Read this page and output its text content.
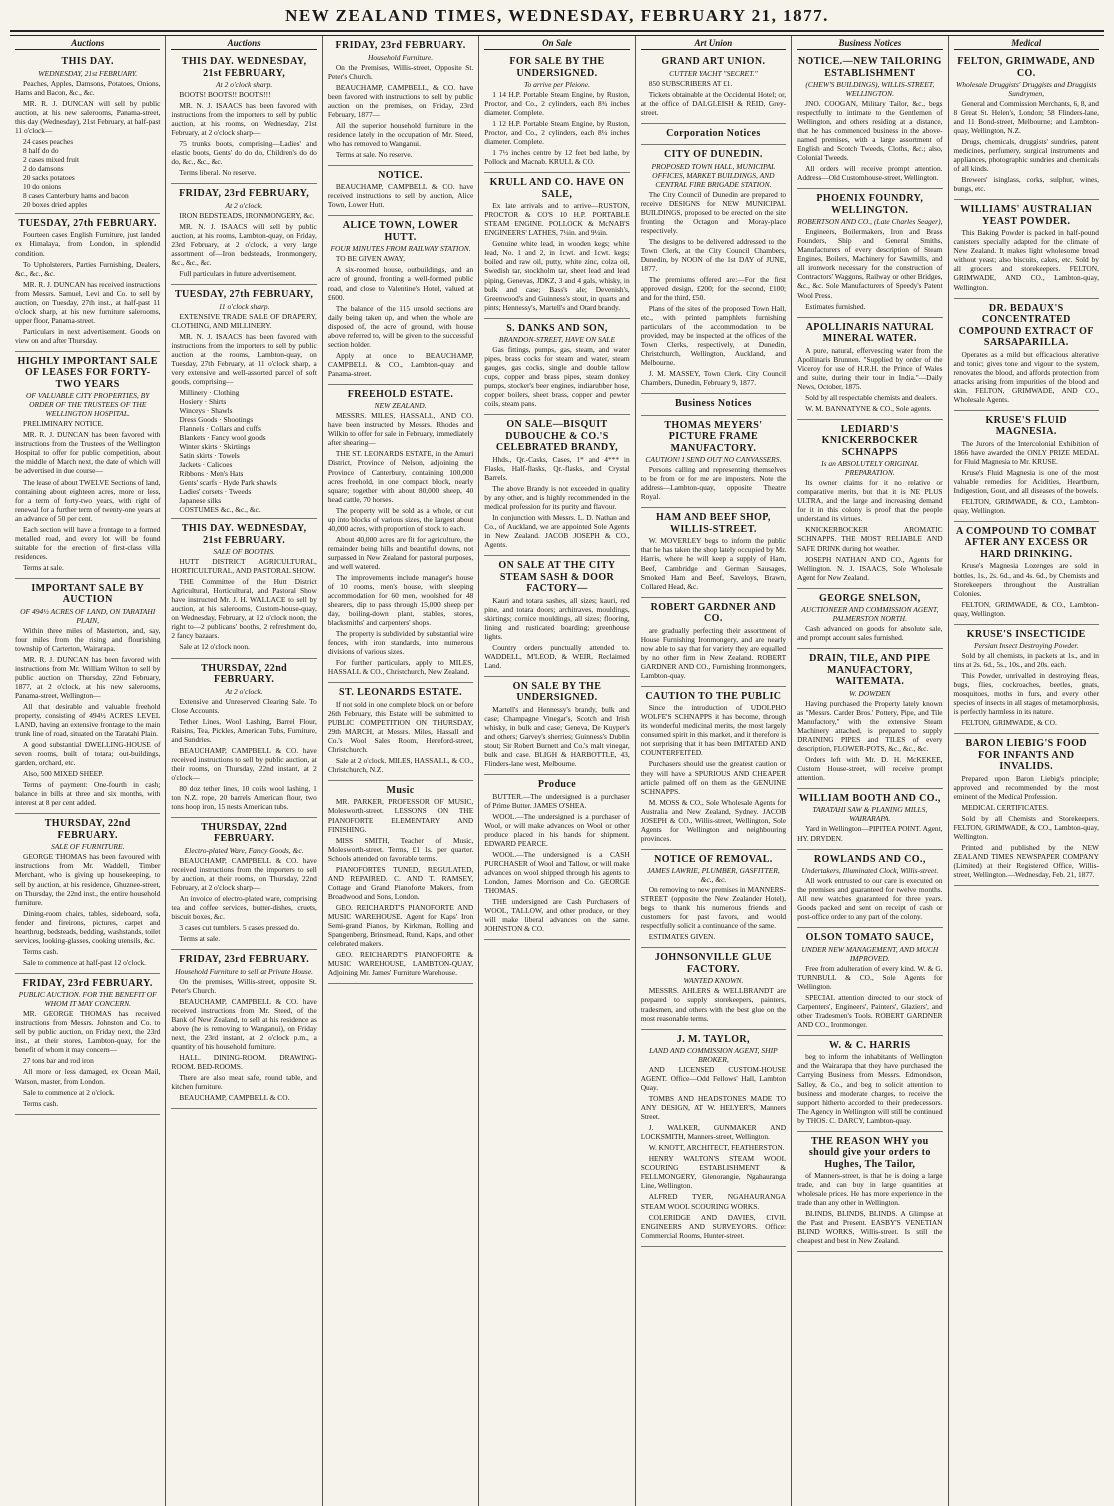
NEW ZEALAND TIMES, WEDNESDAY, FEBRUARY 21, 1877.
Auctions
THIS DAY.
WEDNESDAY, 21st FEBRUARY.

Peaches, Apples, Damsons, Potatoes, Onions, Hams and Bacon, &c., &c.

MR. R. J. DUNCAN will sell by public auction, at his new salerooms, Panama-street, this day (Wednesday), 21st February, at half-past 11 o'clock—

24 cases peaches
8 half do do
2 cases mixed fruit
2 do damsons
20 sacks potatoes
10 do onions
8 cases Canterbury hams and bacon
20 boxes dried apples
TUESDAY, 27th FEBRUARY.

Fourteen cases English Furniture, just landed ex Himalaya, from London, in splendid condition.

To Upholsterers, Parties Furnishing, Dealers, &c., &c., &c.

MR. R. J. DUNCAN has received instructions from Messrs. Samuel, Levi and Co. to sell by auction, on Tuesday, 27th inst., at half-past 11 o'clock sharp, at his new furniture salerooms, upper floor, Panama-street.

Particulars in next advertisement. Goods on view on and after Thursday.

HIGHLY IMPORTANT SALE OF LEASES FOR FORTY-TWO YEARS
OF VALUABLE CITY PROPERTIES, BY ORDER OF THE TRUSTEES OF THE WELLINGTON HOSPITAL.

PRELIMINARY NOTICE.

MR. R. J. DUNCAN has been favored with instructions from the Trustees of the Wellington Hospital to offer for public competition, about the middle of March next, the date of which will be advertised in due course—

The lease of about TWELVE Sections of land, containing about eighteen acres, more or less, for a term of forty-two years, with right of renewal for a further term of twenty-one years at an advance of 50 per cent.

Each section will have a frontage to a formed metalled road, and every lot will be found suitable for the erection of first-class villa residences.

Terms at sale.

IMPORTANT SALE BY AUCTION
OF 494½ ACRES OF LAND, ON TARATAHI PLAIN,

Within three miles of Masterton, and, say, four miles from the rising and flourishing township of Carterton, Wairarapa.

MR. R. J. DUNCAN has been favored with instructions from Mr. William Wilton to sell by public auction on Thursday, 22nd February, 1877, at 2 o'clock, at his new salerooms, Panama-street, Wellington—

All that desirable and valuable freehold property, consisting of 494½ ACRES LEVEL LAND, having an extensive frontage to the main trunk line of road, situated on the Taratahi Plain.

A good substantial DWELLING-HOUSE of seven rooms, built of totara; out-buildings, garden, orchard, etc.

Also, 500 MIXED SHEEP.

Terms of payment: One-fourth in cash; balance in bills at three and six months, with interest at 8 per cent added.

THURSDAY, 22nd FEBRUARY.
SALE OF FURNITURE.

GEORGE THOMAS has been favoured with instructions from Mr. Waddell, Timber Merchant, who is giving up housekeeping, to sell by auction, at his residence, Ghuznee-street, on Thursday, the 22nd inst., the entire household furniture.

Dining-room chairs, tables, sideboard, sofa, fender and fireirons, pictures, carpet and hearthrug, bedsteads, bedding, washstands, toilet services, looking-glasses, cooking utensils, &c.

Terms cash.

Sale to commence at half-past 12 o'clock.

FRIDAY, 23rd FEBRUARY.
PUBLIC AUCTION. FOR THE BENEFIT OF WHOM IT MAY CONCERN.

MR. GEORGE THOMAS has received instructions from Messrs. Johnston and Co. to sell by public auction, on Friday next, the 23rd inst., at their stores, Lambton-quay, for the benefit of whom it may concern—

27 tons bar and rod iron

All more or less damaged, ex Ocean Mail, Watson, master, from London.

Sale to commence at 2 o'clock.

Terms cash.

Auctions
THIS DAY. WEDNESDAY, 21st FEBRUARY,
At 2 o'clock sharp.

BOOTS! BOOTS!! BOOTS!!!

MR. N. J. ISAACS has been favored with instructions from the importers to sell by public auction, at his rooms, on Wednesday, 21st February, at 2 o'clock sharp—

75 trunks boots, comprising—Ladies' and elastic boots, Gents' do do do, Children's do do do, &c., &c., &c.

Terms liberal. No reserve.

FRIDAY, 23rd FEBRUARY,
At 2 o'clock.

IRON BEDSTEADS, IRONMONGERY, &c.

MR. N. J. ISAACS will sell by public auction, at his rooms, Lambton-quay, on Friday, 23rd February, at 2 o'clock, a very large assortment of—Iron bedsteads, Ironmongery, &c., &c., &c.

Full particulars in future advertisement.

TUESDAY, 27th FEBRUARY,
11 o'clock sharp.

EXTENSIVE TRADE SALE OF DRAPERY, CLOTHING, AND MILLINERY.

MR. N. J. ISAACS has been favored with instructions from the importers to sell by public auction at the rooms, Lambton-quay, on Tuesday, 27th February, at 11 o'clock sharp, a very extensive and well-assorted parcel of soft goods, comprising—

Millinery · Clothing
Hosiery · Shirts
Winceys · Shawls
Dress Goods · Shootings
Flannels · Collars and cuffs
Blankets · Fancy wool goods
Winter skirts · Skirtings
Satin skirts · Towels
Jackets · Calicoes
Ribbons · Men's Hats
Gents' scarfs · Hyde Park shawls
Ladies' corsets · Tweeds
Japanese silks
COSTUMES &c., &c., &c.
THIS DAY. WEDNESDAY, 21st FEBRUARY.
SALE OF BOOTHS.

HUTT DISTRICT AGRICULTURAL, HORTICULTURAL, AND PASTORAL SHOW.

THE Committee of the Hutt District Agricultural, Horticultural, and Pastoral Show have instructed Mr. J. H. WALLACE to sell by auction, at his salerooms, Custom-house-quay, on Wednesday, February, at 12 o'clock noon, the right to—2 publicans' booths, 2 refreshment do, 2 fancy bazaars.

Sale at 12 o'clock noon.

THURSDAY, 22nd FEBRUARY.
At 2 o'clock.

Extensive and Unreserved Clearing Sale. To Close Accounts.

Tether Lines, Wool Lashing, Barrel Flour, Raisins, Tea, Pickles, American Tubs, Furniture, and Sundries.

BEAUCHAMP, CAMPBELL & CO. have received instructions to sell by public auction, at their rooms, on Thursday, 22nd instant, at 2 o'clock—

80 doz tether lines, 10 coils wool lashing, 1 ton N.Z. rope, 20 barrels American flour, two tons hoop iron, 15 nests American tubs.

THURSDAY, 22nd FEBRUARY.
Electro-plated Ware, Fancy Goods, &c.

BEAUCHAMP, CAMPBELL & CO. have received instructions from the importers to sell by auction, at their rooms, on Thursday, 22nd February, at 2 o'clock sharp—

An invoice of electro-plated ware, comprising tea and coffee services, butter-dishes, cruets, biscuit boxes, &c.

3 cases cut tumblers. 5 cases pressed do.

Terms at sale.

FRIDAY, 23rd FEBRUARY.
Household Furniture to sell at Private House.

On the premises, Willis-street, opposite St. Peter's Church.

BEAUCHAMP, CAMPBELL & CO. have received instructions from Mr. Steed, of the Bank of New Zealand, to sell at his residence as above (he is removing to Wanganui), on Friday next, the 23rd instant, at 2 o'clock p.m., a quantity of his household furniture.

HALL. DINING-ROOM. DRAWING-ROOM. BED-ROOMS.

There are also meat safe, round table, and kitchen furniture.

BEAUCHAMP, CAMPBELL & CO.

FRIDAY, 23rd FEBRUARY.
Household Furniture.

On the Premises, Willis-street, Opposite St. Peter's Church.

BEAUCHAMP, CAMPBELL, & CO. have been favored with instructions to sell by public auction on the premises, on Friday, 23rd February, 1877—

All the superior household furniture in the residence lately in the occupation of Mr. Steed, who has removed to Wanganui.

Terms at sale. No reserve.

NOTICE.

BEAUCHAMP, CAMPBELL & CO. have received instructions to sell by auction, Alice Town, Lower Hutt.

ALICE TOWN, LOWER HUTT.
FOUR MINUTES FROM RAILWAY STATION.

TO BE GIVEN AWAY,

A six-roomed house, outbuildings, and an acre of ground, fronting a well-formed public road, and close to Valentine's Hotel, valued at £600.

The balance of the 115 unsold sections are daily being taken up, and when the whole are disposed of, the acre of ground, with house above referred to, will be given to the successful section holder.

Apply at once to BEAUCHAMP, CAMPBELL & CO., Lambton-quay and Panama-street.

FREEHOLD ESTATE.
NEW ZEALAND.

MESSRS. MILES, HASSALL, AND CO. have been instructed by Messrs. Rhodes and Wilkin to offer for sale in February, immediately after shearing—

THE ST. LEONARDS ESTATE, in the Amuri District, Province of Nelson, adjoining the Province of Canterbury, containing 100,000 acres freehold, in one compact block, nearly square; together with about 80,000 sheep, 40 head cattle, 70 horses.

The property will be sold as a whole, or cut up into blocks of various sizes, the largest about 40,000 acres, with proportion of stock to each.

About 40,000 acres are fit for agriculture, the remainder being hills and beautiful downs, not surpassed in New Zealand for pastoral purposes, and well watered.

The improvements include manager's house of 10 rooms, men's house, with sleeping accommodation for 60 men, woolshed for 48 shearers, dip to pass through 15,000 sheep per day, boiling-down plant, stables, stores, blacksmiths' and carpenters' shops.

The property is subdivided by substantial wire fences, with iron standards, into numerous divisions of various sizes.

For further particulars, apply to MILES, HASSALL & CO., Christchurch, New Zealand.

ST. LEONARDS ESTATE.

If not sold in one complete block on or before 26th February, this Estate will be submitted to PUBLIC COMPETITION ON THURSDAY, 29th MARCH, at Messrs. Miles, Hassall and Co.'s Wool Sales Room, Hereford-street, Christchurch.

Sale at 2 o'clock. MILES, HASSALL, & CO., Christchurch, N.Z.

Music

MR. PARKER, PROFESSOR OF MUSIC, Molesworth-street. LESSONS ON THE PIANOFORTE ELEMENTARY AND FINISHING.

MISS SMITH, Teacher of Music, Molesworth-street. Terms, £1 1s. per quarter. Schools attended on favorable terms.

PIANOFORTES TUNED, REGULATED, AND REPAIRED. C. AND T. RAMSEY, Cottage and Grand Pianoforte Makers, from Broadwood and Sons, London.

GEO. REICHARDT'S PIANOFORTE AND MUSIC WAREHOUSE. Agent for Kaps' Iron Semi-grand Pianos, by Kirkman, Rolling and Spangenberg, Brinsmead, Rund, Kaps, and other celebrated makers.

GEO. REICHARDT'S PIANOFORTE & MUSIC WAREHOUSE, LAMBTON-QUAY, Adjoining Mr. James' Furniture Warehouse.

On Sale
FOR SALE BY THE UNDERSIGNED.
To arrive per Pleione.

1 14 H.P. Portable Steam Engine, by Ruston, Proctor, and Co., 2 cylinders, each 8¾ inches diameter. Complete.

1 12 H.P. Portable Steam Engine, by Ruston, Proctor, and Co., 2 cylinders, each 8¼ inches diameter. Complete.

1 7½ inches centre by 12 feet bed lathe, by Pollock and Macnab. KRULL & CO.

KRULL AND CO. HAVE ON SALE,

Ex late arrivals and to arrive—RUSTON, PROCTOR & CO'S 10 H.P. PORTABLE STEAM ENGINE. POLLOCK & McNAB'S ENGINEERS' LATHES, 7¼in. and 9¼in.

Genuine white lead, in wooden kegs; white lead, No. 1 and 2, in 1cwt. and 1cwt. kegs; boiled and raw oil, putty, white zinc, colza oil, Swedish tar, stockholm tar, sheet lead and lead piping, Genevas, JDKZ, 3 and 4 gals, whisky, in bulk and case; Bass's ale; Devenish's, Greenwood's and Guinness's stout, in quarts and pints; Hennessy's, Martell's and Otard brandy.

S. DANKS AND SON,
BRANDON-STREET, HAVE ON SALE

Gas fittings, pumps, gas, steam, and water pipes, brass cocks for steam and water, steam gauges, gas cocks, single and double tallow cups, copper and brass pipes, steam donkey pumps, stocker's beer engines, indiarubber hose, copper boilers, sheet brass, copper and pewter coils, steam pans.

ON SALE—BISQUIT DUBOUCHE & CO.'S CELEBRATED BRANDY,

Hhds., Qr.-Casks, Cases, 1* and 4*** in Flasks, Half-flasks, Qr.-flasks, and Crystal Barrels.

The above Brandy is not exceeded in quality by any other, and is highly recommended in the medical profession for its purity and flavour.

In conjunction with Messrs. L. D. Nathan and Co., of Auckland, we are appointed Sole Agents in New Zealand. JACOB JOSEPH & CO., Agents.

ON SALE AT THE CITY STEAM SASH & DOOR FACTORY—

Kauri and totara sashes, all sizes; kauri, red pine, and totara doors; architraves, mouldings, skirtings; cornice mouldings, all sizes; flooring, lining and rusticated boarding; greenhouse lights.

Country orders punctually attended to. WADDELL, M'LEOD, & WEIR, Reclaimed Land.

ON SALE BY THE UNDERSIGNED.

Martell's and Hennessy's brandy, bulk and case; Champagne Vinegar's, Scotch and Irish whisky, in bulk and case; Geneva, De Kuyper's and others; Garvey's sherries; Guinness's Dublin stout; Sir Robert Burnett and Co.'s malt vinegar, bulk and case. BLIGH & HARBOTTLE, 43, Flinders-lane west, Melbourne.

Produce

BUTTER.—The undersigned is a purchaser of Prime Butter. JAMES O'SHEA.

WOOL.—The undersigned is a purchaser of Wool, or will make advances on Wool or other produce placed in his hands for shipment. EDWARD PEARCE.

WOOL.—The undersigned is a CASH PURCHASER of Wool and Tallow, or will make advances on wool shipped through his agents to London, James Morrison and Co. GEORGE THOMAS.

THE undersigned are Cash Purchasers of WOOL, TALLOW, and other produce, or they will make liberal advances on the same. JOHNSTON & CO.

Art Union
GRAND ART UNION.
CUTTER YACHT "SECRET."

850 SUBSCRIBERS AT £1.

Tickets obtainable at the Occidental Hotel; or, at the office of DALGLEISH & REID, Grey-street.

Corporation Notices
CITY OF DUNEDIN.
PROPOSED TOWN HALL, MUNICIPAL OFFICES, MARKET BUILDINGS, AND CENTRAL FIRE BRIGADE STATION.

The City Council of Dunedin are prepared to receive DESIGNS for NEW MUNICIPAL BUILDINGS, proposed to be erected on the site fronting the Octagon and Moray-place respectively.

The designs to be delivered addressed to the Town Clerk, at the City Council Chambers, Dunedin, by NOON of the 1st DAY of JUNE, 1877.

The premiums offered are:—For the first approved design, £200; for the second, £100; and for the third, £50.

Plans of the sites of the proposed Town Hall, etc., with printed pamphlets furnishing particulars of the accommodation to be provided, may be inspected at the offices of the Town Clerks, respectively, at Dunedin, Christchurch, Wellington, Auckland, and Melbourne.

J. M. MASSEY, Town Clerk. City Council Chambers, Dunedin, February 9, 1877.

Business Notices
THOMAS MEYERS' PICTURE FRAME MANUFACTORY.
CAUTION! I SEND OUT NO CANVASSERS.

Persons calling and representing themselves to be from or for me are imposters. Note the address—Lambton-quay, opposite Theatre Royal.

HAM AND BEEF SHOP, WILLIS-STREET.

W. MOVERLEY begs to inform the public that he has taken the shop lately occupied by Mr. Harris, where he will keep a supply of Ham, Beef, Cambridge and German Sausages, Smoked Ham and Beef, Saveloys, Brawn, Collared Head, &c.

ROBERT GARDNER AND CO.

are gradually perfecting their assortment of House Furnishing Ironmongery, and are nearly now able to say that for variety they are equalled by no other firm in New Zealand. ROBERT GARDNER AND CO., Furnishing Ironmongers, Lambton-quay.

CAUTION TO THE PUBLIC

Since the introduction of UDOLPHO WOLFE'S SCHNAPPS it has become, through its wonderful medicinal merits, the most largely consumed spirit in this market, and it therefore is not surprising that it has been IMITATED AND COUNTERFEITED.

Purchasers should use the greatest caution or they will have a SPURIOUS AND CHEAPER article palmed off on them as the GENUINE SCHNAPPS.

M. MOSS & CO., Sole Wholesale Agents for Australia and New Zealand, Sydney. JACOB JOSEPH & CO., Willis-street, Wellington, Sole Agents for Wellington and neighbouring provinces.

NOTICE OF REMOVAL.
JAMES LAWRIE, PLUMBER, GASFITTER, &c., &c.

On removing to new premises in MANNERS-STREET (opposite the New Zealander Hotel), begs to thank his numerous friends and customers for past favors, and would respectfully solicit a continuance of the same.

ESTIMATES GIVEN.

JOHNSONVILLE GLUE FACTORY.
WANTED KNOWN.

MESSRS. AHLERS & WELLBRANDT are prepared to supply storekeepers, painters, tradesmen, and others with the best glue on the most reasonable terms.

J. M. TAYLOR,
LAND AND COMMISSION AGENT, SHIP BROKER,

AND LICENSED CUSTOM-HOUSE AGENT. Office—Odd Fellows' Hall, Lambton Quay.

TOMBS AND HEADSTONES MADE TO ANY DESIGN, AT W. HELYER'S, Manners Street.

J. WALKER, GUNMAKER AND LOCKSMITH, Manners-street, Wellington.

W. KNOTT, ARCHITECT, FEATHERSTON.

HENRY WALTON'S STEAM WOOL SCOURING ESTABLISHMENT & FELLMONGERY, Glenorangie, Ngahauranga Line, Wellington.

ALFRED TYER, NGAHAURANGA STEAM WOOL SCOURING WORKS.

COLERIDGE AND DAVIES, CIVIL ENGINEERS AND SURVEYORS. Office: Commercial Rooms, Hunter-street.

Business Notices
NOTICE.—NEW TAILORING ESTABLISHMENT
(CHEW'S BUILDINGS), WILLIS-STREET, WELLINGTON.

JNO. COOGAN, Military Tailor, &c., begs respectfully to intimate to the Gentlemen of Wellington, and others residing at a distance, that he has commenced business in the above-named premises, with a large assortment of English and Scotch Tweeds, Cloths, &c.; also, Colonial Tweeds.

All orders will receive prompt attention. Address—Old Customhouse-street, Wellington.

PHOENIX FOUNDRY, WELLINGTON.
ROBERTSON AND CO., (Late Charles Seager),

Engineers, Boilermakers, Iron and Brass Founders, Ship and General Smiths, Manufacturers of every description of Steam Engines, Boilers, Machinery for Sawmills, and all ironwork necessary for the construction of Contractors' Waggons, Railway or other Bridges, &c., &c. Sole Manufacturers of Speedy's Patent Wool Press.

Estimates furnished.

APOLLINARIS NATURAL MINERAL WATER.

A pure, natural, effervescing water from the Apollinaris Brunnen. "Supplied by order of the Viceroy for use of H.R.H. the Prince of Wales and suite, during their tour in India."—Daily News, October, 1875.

Sold by all respectable chemists and dealers.

W. M. BANNATYNE & CO., Sole agents.

LEDIARD'S KNICKERBOCKER SCHNAPPS
Is an ABSOLUTELY ORIGINAL PREPARATION.

Its owner claims for it no relative or comparative merits, but that it is NE PLUS ULTRA, and the large and increasing demand for it in this colony is proof that the people understand its virtues.

KNICKERBOCKER AROMATIC SCHNAPPS. THE MOST RELIABLE AND SAFE DRINK during hot weather.

JOSEPH NATHAN AND CO., Agents for Wellington. N. J. ISAACS, Sole Wholesale Agent for New Zealand.

GEORGE SNELSON,
AUCTIONEER AND COMMISSION AGENT, PALMERSTON NORTH.

Cash advanced on goods for absolute sale, and prompt account sales furnished.

DRAIN, TILE, AND PIPE MANUFACTORY, WAITEMATA.
W. DOWDEN

Having purchased the Property lately known as "Messrs. Carder Bros.' Pottery, Pipe, and Tile Manufactory," with the extensive Steam Machinery attached, is prepared to supply DRAINING PIPES and TILES of every description, FLOWER-POTS, &c., &c., &c.

Orders left with Mr. D. H. McKEKEE, Custom House-street, will receive prompt attention.

WILLIAM BOOTH AND CO.,
TARATAHI SAW & PLANING MILLS, WAIRARAPA.

Yard in Wellington—PIPITEA POINT. Agent, HY. DRYDEN.

ROWLANDS AND CO.,
Undertakers, Illuminated Clock, Willis-street.

All work entrusted to our care is executed on the premises and guaranteed for twelve months. All new watches guaranteed for three years. Goods packed and sent on receipt of cash or post-office order to any part of the colony.

OLSON TOMATO SAUCE,
UNDER NEW MANAGEMENT, AND MUCH IMPROVED.

Free from adulteration of every kind. W. & G. TURNBULL & CO., Sole Agents for Wellington.

SPECIAL attention directed to our stock of Carpenters', Engineers', Painters', Glaziers', and other Tradesmen's Tools. ROBERT GARDNER AND CO., Ironmonger.

W. & C. HARRIS

beg to inform the inhabitants of Wellington and the Wairarapa that they have purchased the Carrying Business from Messrs. Edmondson, Salley, & Co., and beg to solicit attention to business and moderate charges, to receive the support hitherto accorded to their predecessors. The Agency in Wellington will still be continued by THOS. C. DARCY, Lambton-quay.

THE REASON WHY you should give your orders to Hughes, The Tailor,

of Manners-street, is that he is doing a large trade, and can buy in large quantities at wholesale prices. He has more experience in the trade than any other in Wellington.

BLINDS, BLINDS, BLINDS. A Glimpse at the Past and Present. EASBY'S VENETIAN BLIND WORKS, Willis-street. Is still the cheapest and best in New Zealand.

Medical
FELTON, GRIMWADE, AND CO.
Wholesale Druggists' Druggists and Druggists Sundrymen,

General and Commission Merchants, 6, 8, and 8 Great St. Helen's, London; 58 Flinders-lane, and 11 Bond-street, Melbourne; and Lambton-quay, Wellington, N.Z.

Drugs, chemicals, druggists' sundries, patent medicines, perfumery, surgical instruments and appliances, photographic sundries and chemicals of all kinds.

Brewers' isinglass, corks, sulphur, wines, bungs, etc.

WILLIAMS' AUSTRALIAN YEAST POWDER.

This Baking Powder is packed in half-pound canisters specially adapted for the climate of New Zealand. It makes light wholesome bread without yeast; also biscuits, cakes, etc. Sold by all grocers and storekeepers. FELTON, GRIMWADE, AND CO., Lambton-quay, Wellington.

DR. BEDAUX'S CONCENTRATED COMPOUND EXTRACT OF SARSAPARILLA.

Operates as a mild but efficacious alterative and tonic; gives tone and vigour to the system, renovates the blood, and affords protection from attacks arising from impurities of the blood and skin. FELTON, GRIMWADE, AND CO., Wholesale Agents.

KRUSE'S FLUID MAGNESIA.

The Jurors of the Intercolonial Exhibition of 1866 have awarded the ONLY PRIZE MEDAL for Fluid Magnesia to Mr. KRUSE.

Kruse's Fluid Magnesia is one of the most valuable remedies for Acidities, Heartburn, Indigestion, Gout, and all diseases of the bowels.

FELTON, GRIMWADE, & CO., Lambton-quay, Wellington.

A COMPOUND TO COMBAT AFTER ANY EXCESS OR HARD DRINKING.

Kruse's Magnesia Lozenges are sold in bottles, 1s., 2s. 6d., and 4s. 6d., by Chemists and Storekeepers throughout the Australian Colonies.

FELTON, GRIMWADE, & CO., Lambton-quay, Wellington.

KRUSE'S INSECTICIDE
Persian Insect Destroying Powder.

Sold by all chemists, in packets at 1s., and in tins at 2s. 6d., 5s., 10s., and 20s. each.

This Powder, unrivalled in destroying fleas, bugs, flies, cockroaches, beetles, gnats, mosquitoes, moths in furs, and every other species of insects in all stages of metamorphosis, is perfectly harmless in its nature.

FELTON, GRIMWADE, & CO.

BARON LIEBIG'S FOOD FOR INFANTS AND INVALIDS.

Prepared upon Baron Liebig's principle; approved and recommended by the most eminent of the Medical Profession.

MEDICAL CERTIFICATES.

Sold by all Chemists and Storekeepers. FELTON, GRIMWADE, & CO., Lambton-quay, Wellington.

Printed and published by the NEW ZEALAND TIMES NEWSPAPER COMPANY (Limited) at their Registered Office, Willis-street, Wellington.—Wednesday, Feb. 21, 1877.
